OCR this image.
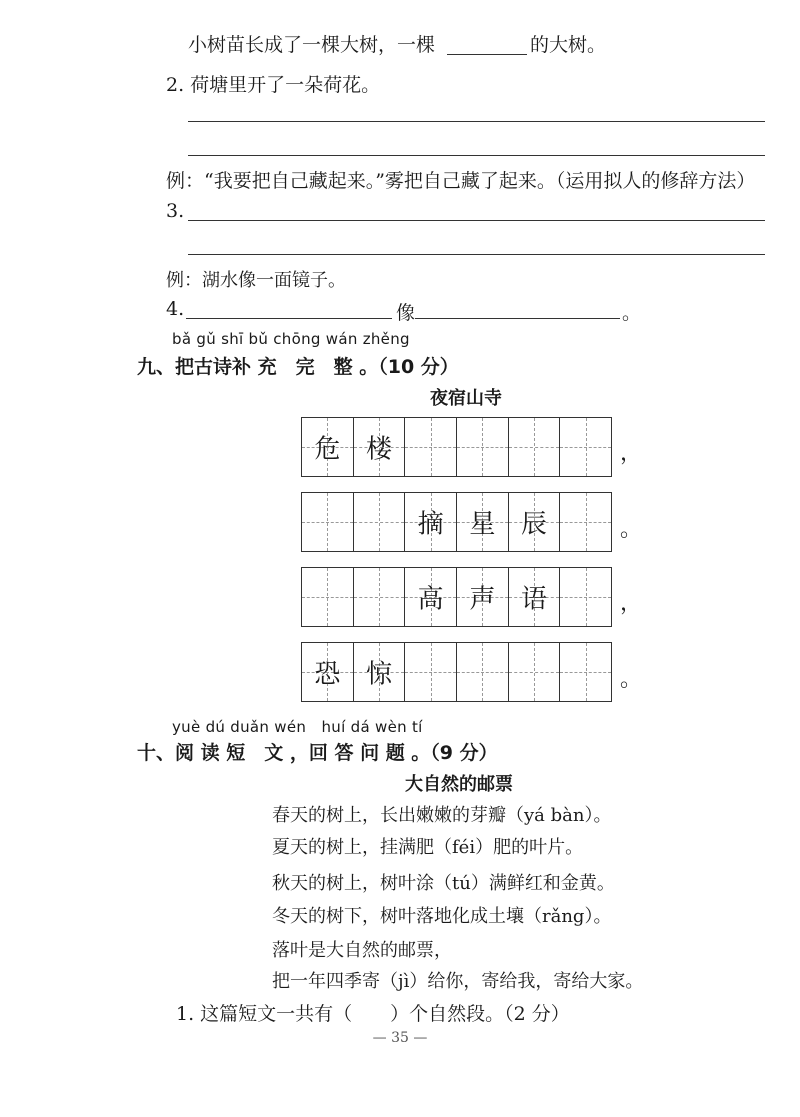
小树苗长成了一棵大树，一棵	的大树。
2. 荷塘里开了一朵荷花。
例：“我要把自己藏起来。”雾把自己藏了起来。（运用拟人的修辞方法）
3.
例：湖水像一面镜子。
4.	像	。
bǎ gǔ shī bǔ chōng wán zhěng
九、把古诗补 充　完　整 。（10 分）
夜宿山寺
危 楼	，
摘 星 辰	。
高 声 语	，
恐 惊	。
yuè dú duǎn wén　huí dá wèn tí
十、阅 读 短　文 ，回 答 问 题 。（9 分）
大自然的邮票
春天的树上，长出嫩嫩的芽瓣（yá bàn）。
夏天的树上，挂满肥（féi）肥的叶片。
秋天的树上，树叶涂（tú）满鲜红和金黄。
冬天的树下，树叶落地化成土壤（rǎng）。
落叶是大自然的邮票，
把一年四季寄（jì）给你，寄给我，寄给大家。
1. 这篇短文一共有（　　）个自然段。（2 分）
— 35 —
